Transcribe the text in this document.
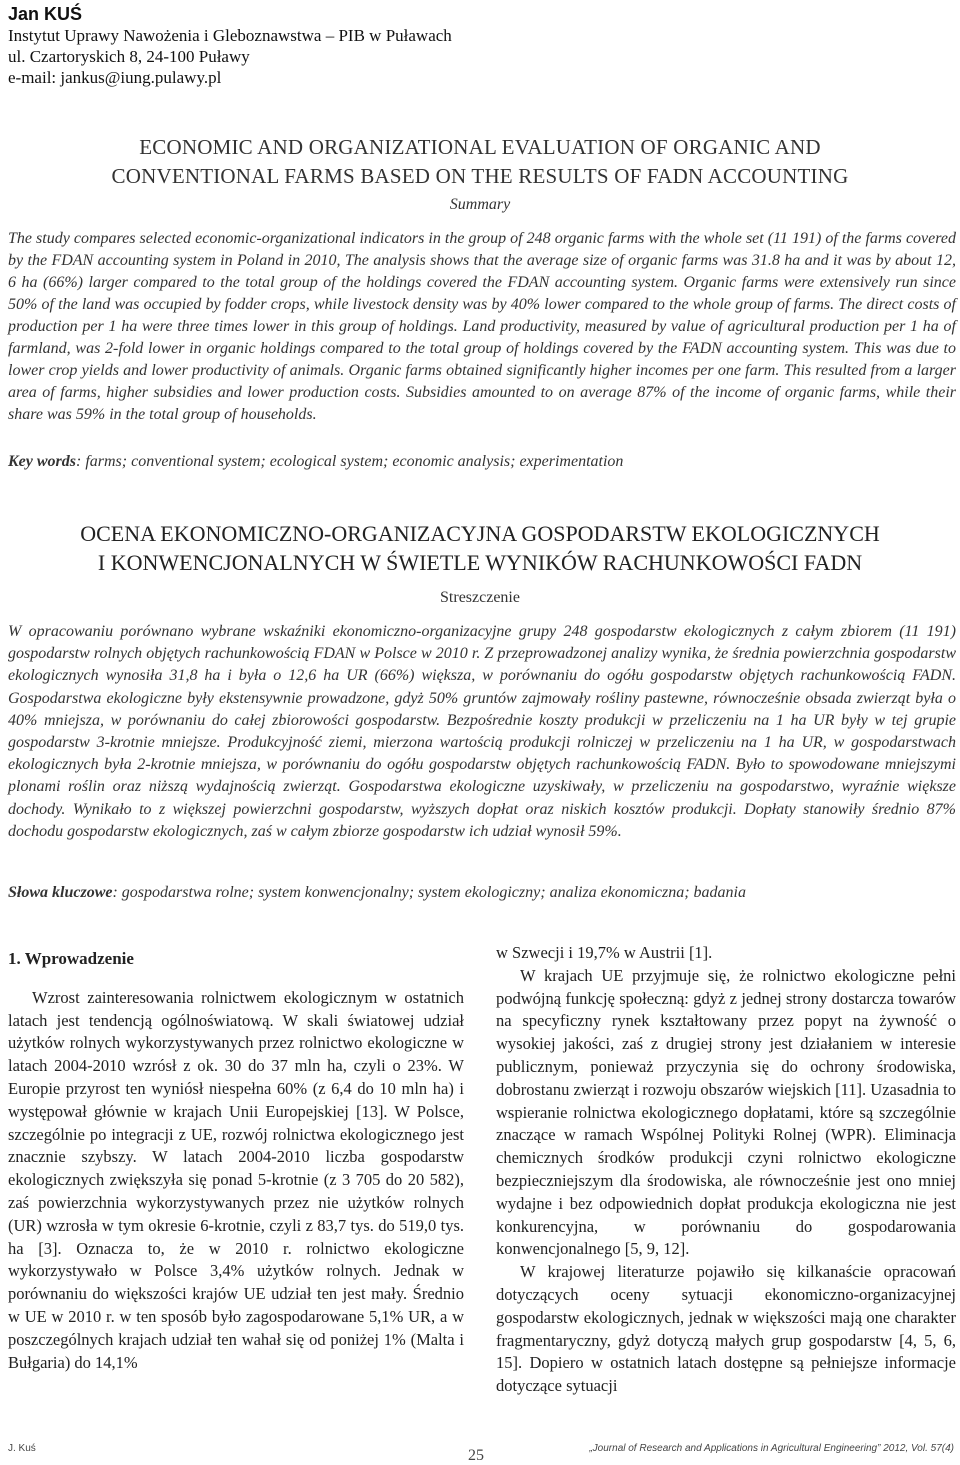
Jan KUŚ
Instytut Uprawy Nawożenia i Gleboznawstwa – PIB w Puławach
ul. Czartoryskich 8, 24-100 Puławy
e-mail: jankus@iung.pulawy.pl
ECONOMIC AND ORGANIZATIONAL EVALUATION OF ORGANIC AND
CONVENTIONAL FARMS BASED ON THE RESULTS OF FADN ACCOUNTING
Summary
The study compares selected economic-organizational indicators in the group of 248 organic farms with the whole set (11 191) of the farms covered by the FDAN accounting system in Poland in 2010, The analysis shows that the average size of organic farms was 31.8 ha and it was by about 12, 6 ha (66%) larger compared to the total group of the holdings covered the FDAN accounting system. Organic farms were extensively run since 50% of the land was occupied by fodder crops, while livestock density was by 40% lower compared to the whole group of farms. The direct costs of production per 1 ha were three times lower in this group of holdings. Land productivity, measured by value of agricultural production per 1 ha of farmland, was 2-fold lower in organic holdings compared to the total group of holdings covered by the FADN accounting system. This was due to lower crop yields and lower productivity of animals. Organic farms obtained significantly higher incomes per one farm. This resulted from a larger area of farms, higher subsidies and lower production costs. Subsidies amounted to on average 87% of the income of organic farms, while their share was 59% in the total group of households.
Key words: farms; conventional system; ecological system; economic analysis; experimentation
OCENA EKONOMICZNO-ORGANIZACYJNA GOSPODARSTW EKOLOGICZNYCH
I KONWENCJONALNYCH W ŚWIETLE WYNIKÓW RACHUNKOWOŚCI FADN
Streszczenie
W opracowaniu porównano wybrane wskaźniki ekonomiczno-organizacyjne grupy 248 gospodarstw ekologicznych z całym zbiorem (11 191) gospodarstw rolnych objętych rachunkowością FDAN w Polsce w 2010 r. Z przeprowadzonej analizy wynika, że średnia powierzchnia gospodarstw ekologicznych wynosiła 31,8 ha i była o 12,6 ha UR (66%) większa, w porównaniu do ogółu gospodarstw objętych rachunkowością FADN. Gospodarstwa ekologiczne były ekstensywnie prowadzone, gdyż 50% gruntów zajmowały rośliny pastewne, równocześnie obsada zwierząt była o 40% mniejsza, w porównaniu do całej zbiorowości gospodarstw. Bezpośrednie koszty produkcji w przeliczeniu na 1 ha UR były w tej grupie gospodarstw 3-krotnie mniejsze. Produkcyjność ziemi, mierzona wartością produkcji rolniczej w przeliczeniu na 1 ha UR, w gospodarstwach ekologicznych była 2-krotnie mniejsza, w porównaniu do ogółu gospodarstw objętych rachunkowością FADN. Było to spowodowane mniejszymi plonami roślin oraz niższą wydajnością zwierząt. Gospodarstwa ekologiczne uzyskiwały, w przeliczeniu na gospodarstwo, wyraźnie większe dochody. Wynikało to z większej powierzchni gospodarstw, wyższych dopłat oraz niskich kosztów produkcji. Dopłaty stanowiły średnio 87% dochodu gospodarstw ekologicznych, zaś w całym zbiorze gospodarstw ich udział wynosił 59%.
Słowa kluczowe: gospodarstwa rolne; system konwencjonalny; system ekologiczny; analiza ekonomiczna; badania
1. Wprowadzenie

Wzrost zainteresowania rolnictwem ekologicznym w ostatnich latach jest tendencją ogólnoświatową. W skali światowej udział użytków rolnych wykorzystywanych przez rolnictwo ekologiczne w latach 2004-2010 wzrósł z ok. 30 do 37 mln ha, czyli o 23%. W Europie przyrost ten wyniósł niespełna 60% (z 6,4 do 10 mln ha) i występował głównie w krajach Unii Europejskiej [13]. W Polsce, szczególnie po integracji z UE, rozwój rolnictwa ekologicznego jest znacznie szybszy. W latach 2004-2010 liczba gospodarstw ekologicznych zwiększyła się ponad 5-krotnie (z 3 705 do 20 582), zaś powierzchnia wykorzystywanych przez nie użytków rolnych (UR) wzrosła w tym okresie 6-krotnie, czyli z 83,7 tys. do 519,0 tys. ha [3]. Oznacza to, że w 2010 r. rolnictwo ekologiczne wykorzystywało w Polsce 3,4% użytków rolnych. Jednak w porównaniu do większości krajów UE udział ten jest mały. Średnio w UE w 2010 r. w ten sposób było zagospodarowane 5,1% UR, a w poszczególnych krajach udział ten wahał się od poniżej 1% (Malta i Bułgaria) do 14,1%

w Szwecji i 19,7% w Austrii [1].

W krajach UE przyjmuje się, że rolnictwo ekologiczne pełni podwójną funkcję społeczną: gdyż z jednej strony dostarcza towarów na specyficzny rynek kształtowany przez popyt na żywność o wysokiej jakości, zaś z drugiej strony jest działaniem w interesie publicznym, ponieważ przyczynia się do ochrony środowiska, dobrostanu zwierząt i rozwoju obszarów wiejskich [11]. Uzasadnia to wspieranie rolnictwa ekologicznego dopłatami, które są szczególnie znaczące w ramach Wspólnej Polityki Rolnej (WPR). Eliminacja chemicznych środków produkcji czyni rolnictwo ekologiczne bezpieczniejszym dla środowiska, ale równocześnie jest ono mniej wydajne i bez odpowiednich dopłat produkcja ekologiczna nie jest konkurencyjna, w porównaniu do gospodarowania konwencjonalnego [5, 9, 12].

W krajowej literaturze pojawiło się kilkanaście opracowań dotyczących oceny sytuacji ekonomiczno-organizacyjnej gospodarstw ekologicznych, jednak w większości mają one charakter fragmentaryczny, gdyż dotyczą małych grup gospodarstw [4, 5, 6, 15]. Dopiero w ostatnich latach dostępne są pełniejsze informacje dotyczące sytuacji

J. Kuś	25	„Journal of Research and Applications in Agricultural Engineering” 2012, Vol. 57(4)
